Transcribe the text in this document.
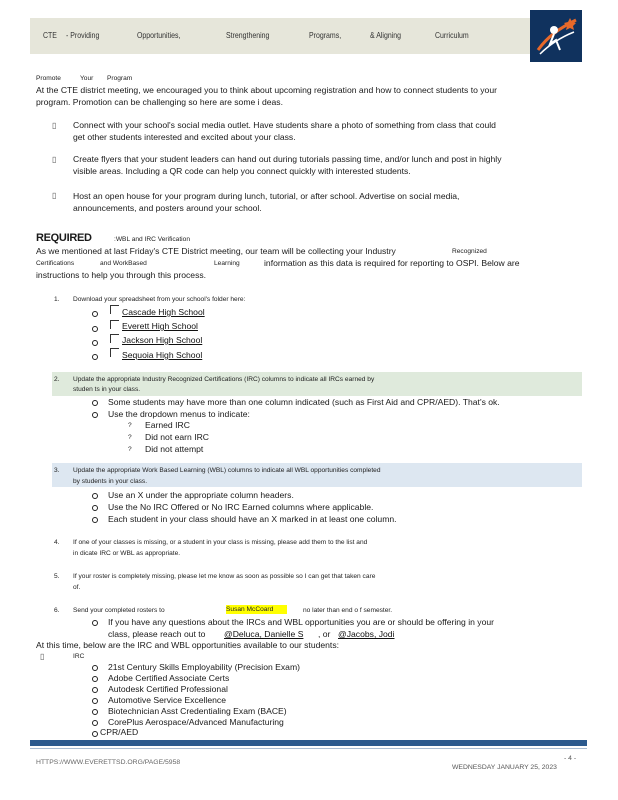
CTE - Providing	Opportunities,	Strengthening	Programs,	& Aligning	Curriculum
Promote	Your Program
At the CTE district meeting, we encouraged you to think about upcoming registration and how to connect students to your
program. Promotion can be challenging so here are some i deas.
▯ Connect with your school's social media outlet. Have students share a photo of something from class that could
get other students interested and excited about your class.
▯ Create flyers that your student leaders can hand out during tutorials passing time, and/or lunch and post in highly
visible areas. Including a QR code can help you connect quickly with interested students.
▯ Host an open house for your program during lunch, tutorial, or after school. Advertise on social media,
announcements, and posters around your school.
REQUIRED	:WBL and IRC Verification
As we mentioned at last Friday's CTE District meeting, our team will be collecting your Industry	Recognized
Certifications	and WorkBased	Learning	information as this data is required for reporting to OSPI. Below are
instructions to help you through this process.
1. Download your spreadsheet from your school's folder here:
Cascade High School
Everett High School
Jackson High School
Sequoia High School
2. Update the appropriate Industry Recognized Certifications (IRC) columns to indicate all IRCs earned by
studen ts in your class.
Some students may have more than one column indicated (such as First Aid and CPR/AED). That's ok.
Use the dropdown menus to indicate:
? Earned IRC
? Did not earn IRC
? Did not attempt
3. Update the appropriate Work Based Learning (WBL) columns to indicate all WBL opportunities completed
by students in your class.
Use an X under the appropriate column headers.
Use the No IRC Offered or No IRC Earned columns where applicable.
Each student in your class should have an X marked in at least one column.
4. If one of your classes is missing, or a student in your class is missing, please add them to the list and
in dicate IRC or WBL as appropriate.
5. If your roster is completely missing, please let me know as soon as possible so I can get that taken care
of.
6. Send your completed rosters to	Susan McCoard	no later than end o f semester.
If you have any questions about the IRCs and WBL opportunities you are or should be offering in your
class, please reach out to @Deluca, Danielle S , or @Jacobs, Jodi
At this time, below are the IRC and WBL opportunities available to our students:
▯	IRC
21st Century Skills Employability (Precision Exam)
Adobe Certified Associate Certs
Autodesk Certified Professional
Automotive Service Excellence
Biotechnician Asst Credentialing Exam (BACE)
CorePlus Aerospace/Advanced Manufacturing
CPR/AED
HTTPS://WWW.EVERETTSD.ORG/PAGE/5958
- 4 -
WEDNESDAY JANUARY 25, 2023
